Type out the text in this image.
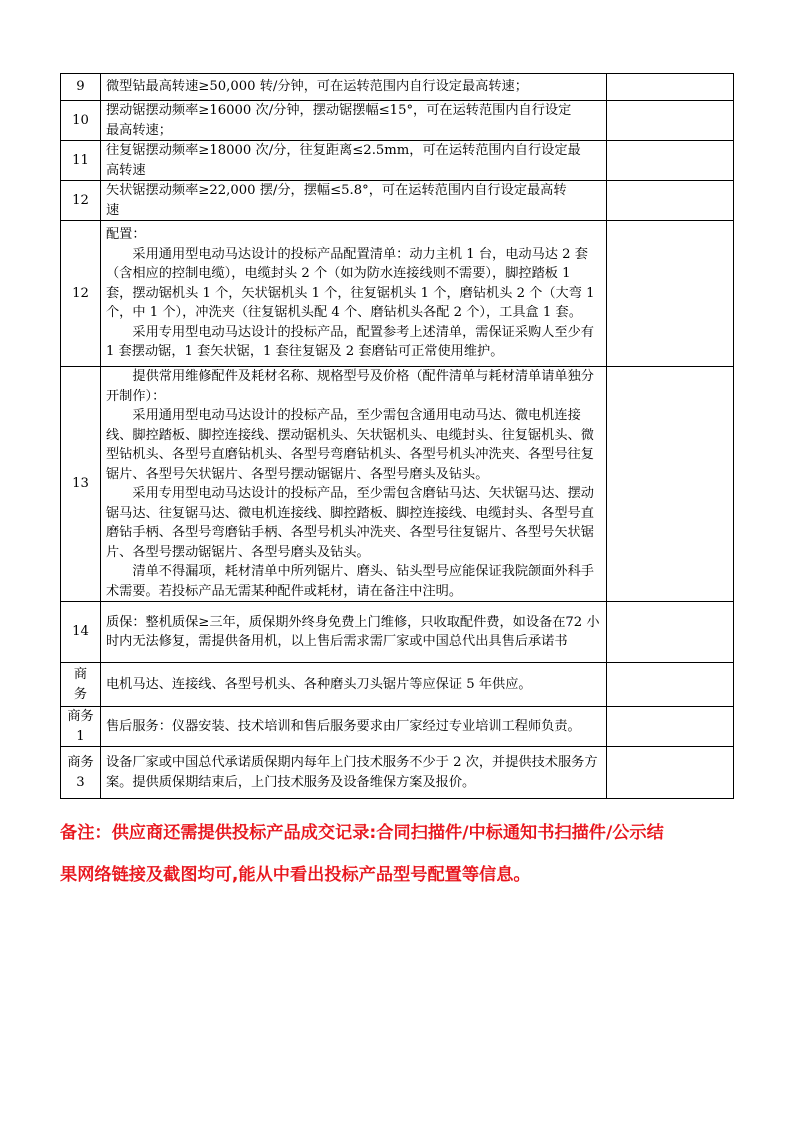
9	微型钻最高转速≥50,000 转/分钟，可在运转范围内自行设定最高转速；	

10	摆动锯摆动频率≥16000 次/分钟，摆动锯摆幅≤15°，可在运转范围内自行设定
最高转速；	

11	往复锯摆动频率≥18000 次/分，往复距离≤2.5mm，可在运转范围内自行设定最
高转速	

12	矢状锯摆动频率≥22,000 摆/分，摆幅≤5.8°，可在运转范围内自行设定最高转
速	

12	配置：
采用通用型电动马达设计的投标产品配置清单：动力主机 1 台，电动马达 2 套（含相应的控制电缆），电缆封头 2 个（如为防水连接线则不需要），脚控踏板 1 套，摆动锯机头 1 个，矢状锯机头 1 个，往复锯机头 1 个，磨钻机头 2 个（大弯 1 个，中 1 个），冲洗夹（往复锯机头配 4 个、磨钻机头各配 2 个），工具盒 1 套。
采用专用型电动马达设计的投标产品，配置参考上述清单，需保证采购人至少有 1 套摆动锯，1 套矢状锯，1 套往复锯及 2 套磨钻可正常使用维护。	

13	提供常用维修配件及耗材名称、规格型号及价格（配件清单与耗材清单请单独分开制作）：
采用通用型电动马达设计的投标产品，至少需包含通用电动马达、微电机连接线、脚控踏板、脚控连接线、摆动锯机头、矢状锯机头、电缆封头、往复锯机头、微型钻机头、各型号直磨钻机头、各型号弯磨钻机头、各型号机头冲洗夹、各型号往复锯片、各型号矢状锯片、各型号摆动锯锯片、各型号磨头及钻头。
采用专用型电动马达设计的投标产品，至少需包含磨钻马达、矢状锯马达、摆动锯马达、往复锯马达、微电机连接线、脚控踏板、脚控连接线、电缆封头、各型号直磨钻手柄、各型号弯磨钻手柄、各型号机头冲洗夹、各型号往复锯片、各型号矢状锯片、各型号摆动锯锯片、各型号磨头及钻头。
清单不得漏项，耗材清单中所列锯片、磨头、钻头型号应能保证我院颌面外科手术需要。若投标产品无需某种配件或耗材，请在备注中注明。	

14	质保：整机质保≥三年，质保期外终身免费上门维修，只收取配件费，如设备在72 小时内无法修复，需提供备用机，以上售后需求需厂家或中国总代出具售后承诺书	

商
务	电机马达、连接线、各型号机头、各种磨头刀头锯片等应保证 5 年供应。	

商务
1	售后服务：仪器安装、技术培训和售后服务要求由厂家经过专业培训工程师负责。	

商务
3	设备厂家或中国总代承诺质保期内每年上门技术服务不少于 2 次，并提供技术服务方案。提供质保期结束后，上门技术服务及设备维保方案及报价。	
备注：供应商还需提供投标产品成交记录:合同扫描件/中标通知书扫描件/公示结
果网络链接及截图均可,能从中看出投标产品型号配置等信息。
